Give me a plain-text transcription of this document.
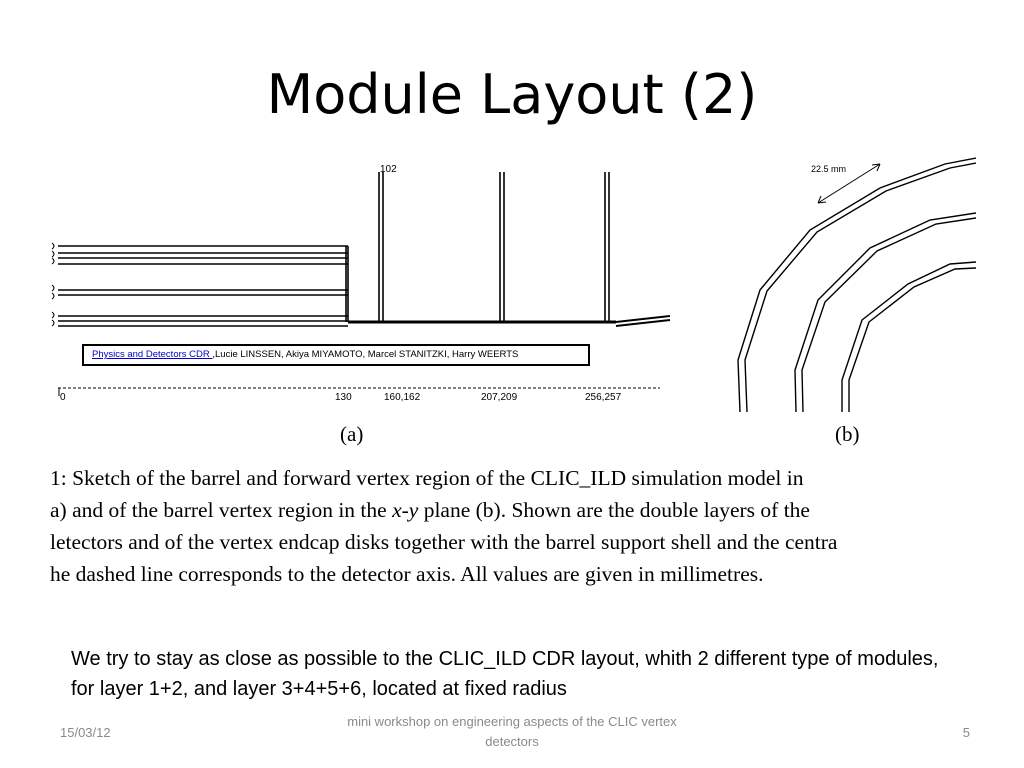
Module Layout (2)
102	22.5 mm
Physics and Detectors CDR ,Lucie LINSSEN, Akiya MIYAMOTO, Marcel STANITZKI, Harry WEERTS
0	130	160,162	207,209	256,257
(a)	(b)
1: Sketch of the barrel and forward vertex region of the CLIC_ILD simulation model in
a) and of the barrel vertex region in the x-y plane (b). Shown are the double layers of the
letectors and of the vertex endcap disks together with the barrel support shell and the centra
he dashed line corresponds to the detector axis. All values are given in millimetres.
We try to stay as close as possible to the CLIC_ILD CDR layout, whith 2 different type of modules, for layer 1+2, and layer 3+4+5+6, located at fixed radius
15/03/12
mini workshop on engineering aspects of the CLIC vertex detectors
5
